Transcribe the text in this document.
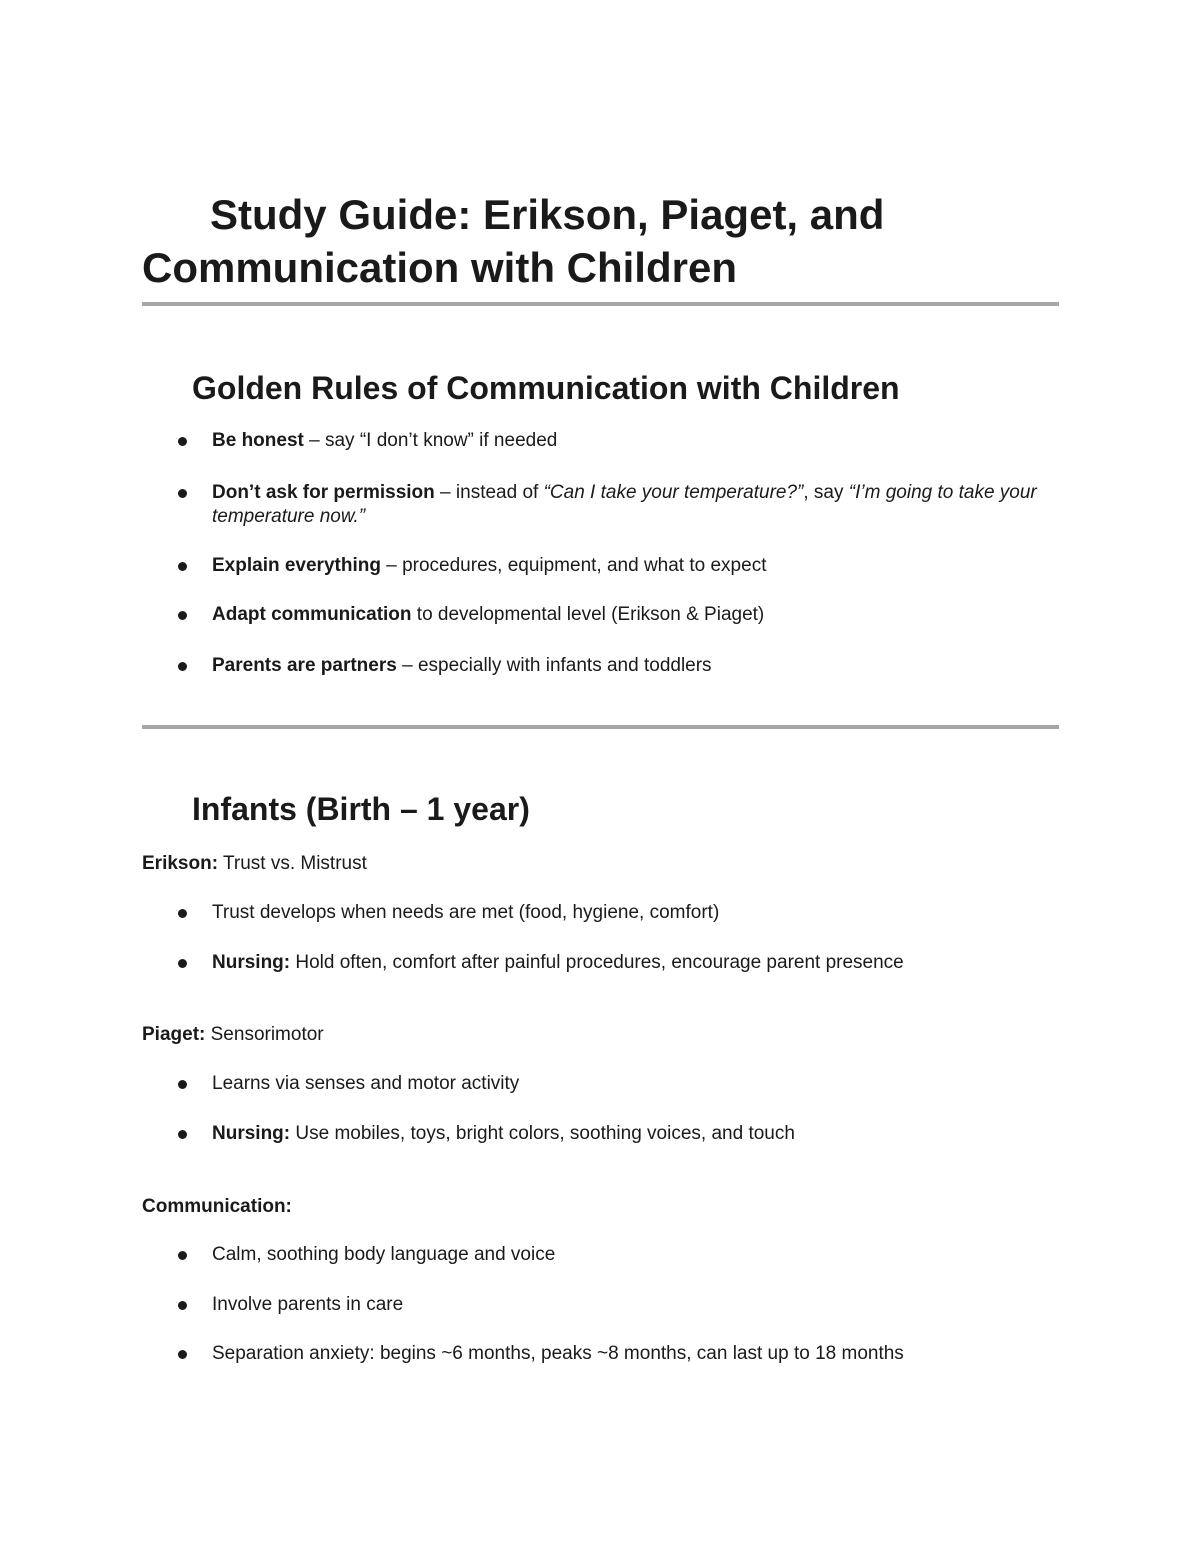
Study Guide: Erikson, Piaget, and Communication with Children
Golden Rules of Communication with Children
Be honest – say “I don’t know” if needed
Don’t ask for permission – instead of “Can I take your temperature?”, say “I’m going to take your temperature now.”
Explain everything – procedures, equipment, and what to expect
Adapt communication to developmental level (Erikson & Piaget)
Parents are partners – especially with infants and toddlers
Infants (Birth – 1 year)
Erikson: Trust vs. Mistrust
Trust develops when needs are met (food, hygiene, comfort)
Nursing: Hold often, comfort after painful procedures, encourage parent presence
Piaget: Sensorimotor
Learns via senses and motor activity
Nursing: Use mobiles, toys, bright colors, soothing voices, and touch
Communication:
Calm, soothing body language and voice
Involve parents in care
Separation anxiety: begins ~6 months, peaks ~8 months, can last up to 18 months
